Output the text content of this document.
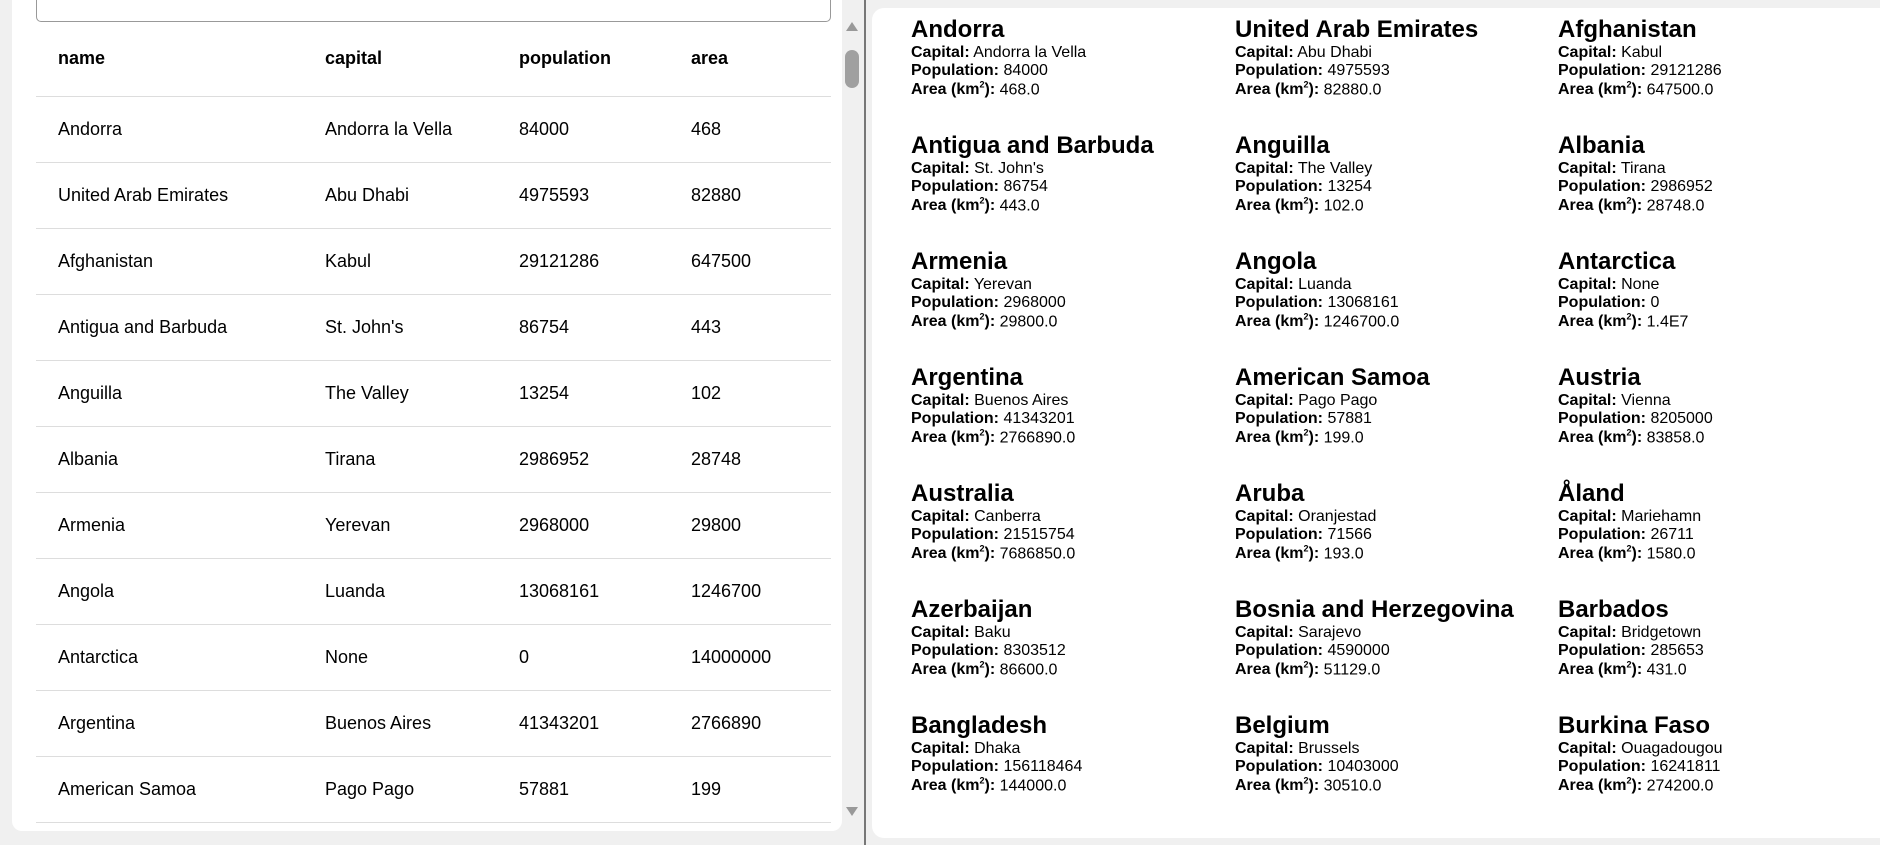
name	capital	population	area
Andorra	Andorra la Vella	84000	468
United Arab Emirates	Abu Dhabi	4975593	82880
Afghanistan	Kabul	29121286	647500
Antigua and Barbuda	St. John's	86754	443
Anguilla	The Valley	13254	102
Albania	Tirana	2986952	28748
Armenia	Yerevan	2968000	29800
Angola	Luanda	13068161	1246700
Antarctica	None	0	14000000
Argentina	Buenos Aires	41343201	2766890
American Samoa	Pago Pago	57881	199
Andorra

Capital: Andorra la Vella

Population: 84000

Area $(km^2)$: 468.0

United Arab Emirates

Capital: Abu Dhabi

Population: 4975593

Area $(km^2)$: 82880.0

Afghanistan

Capital: Kabul

Population: 29121286

Area $(km^2)$: 647500.0

Antigua and Barbuda

Capital: St. John's

Population: 86754

Area $(km^2)$: 443.0

Anguilla

Capital: The Valley

Population: 13254

Area $(km^2)$: 102.0

Albania

Capital: Tirana

Population: 2986952

Area $(km^2)$: 28748.0

Armenia

Capital: Yerevan

Population: 2968000

Area $(km^2)$: 29800.0

Angola

Capital: Luanda

Population: 13068161

Area $(km^2)$: 1246700.0

Antarctica

Capital: None

Population: 0

Area $(km^2)$: 1.4E7

Argentina

Capital: Buenos Aires

Population: 41343201

Area $(km^2)$: 2766890.0

American Samoa

Capital: Pago Pago

Population: 57881

Area $(km^2)$: 199.0

Austria

Capital: Vienna

Population: 8205000

Area $(km^2)$: 83858.0

Australia

Capital: Canberra

Population: 21515754

Area $(km^2)$: 7686850.0

Aruba

Capital: Oranjestad

Population: 71566

Area $(km^2)$: 193.0

Åland

Capital: Mariehamn

Population: 26711

Area $(km^2)$: 1580.0

Azerbaijan

Capital: Baku

Population: 8303512

Area $(km^2)$: 86600.0

Bosnia and Herzegovina

Capital: Sarajevo

Population: 4590000

Area $(km^2)$: 51129.0

Barbados

Capital: Bridgetown

Population: 285653

Area $(km^2)$: 431.0

Bangladesh

Capital: Dhaka

Population: 156118464

Area $(km^2)$: 144000.0

Belgium

Capital: Brussels

Population: 10403000

Area $(km^2)$: 30510.0

Burkina Faso

Capital: Ouagadougou

Population: 16241811

Area $(km^2)$: 274200.0
